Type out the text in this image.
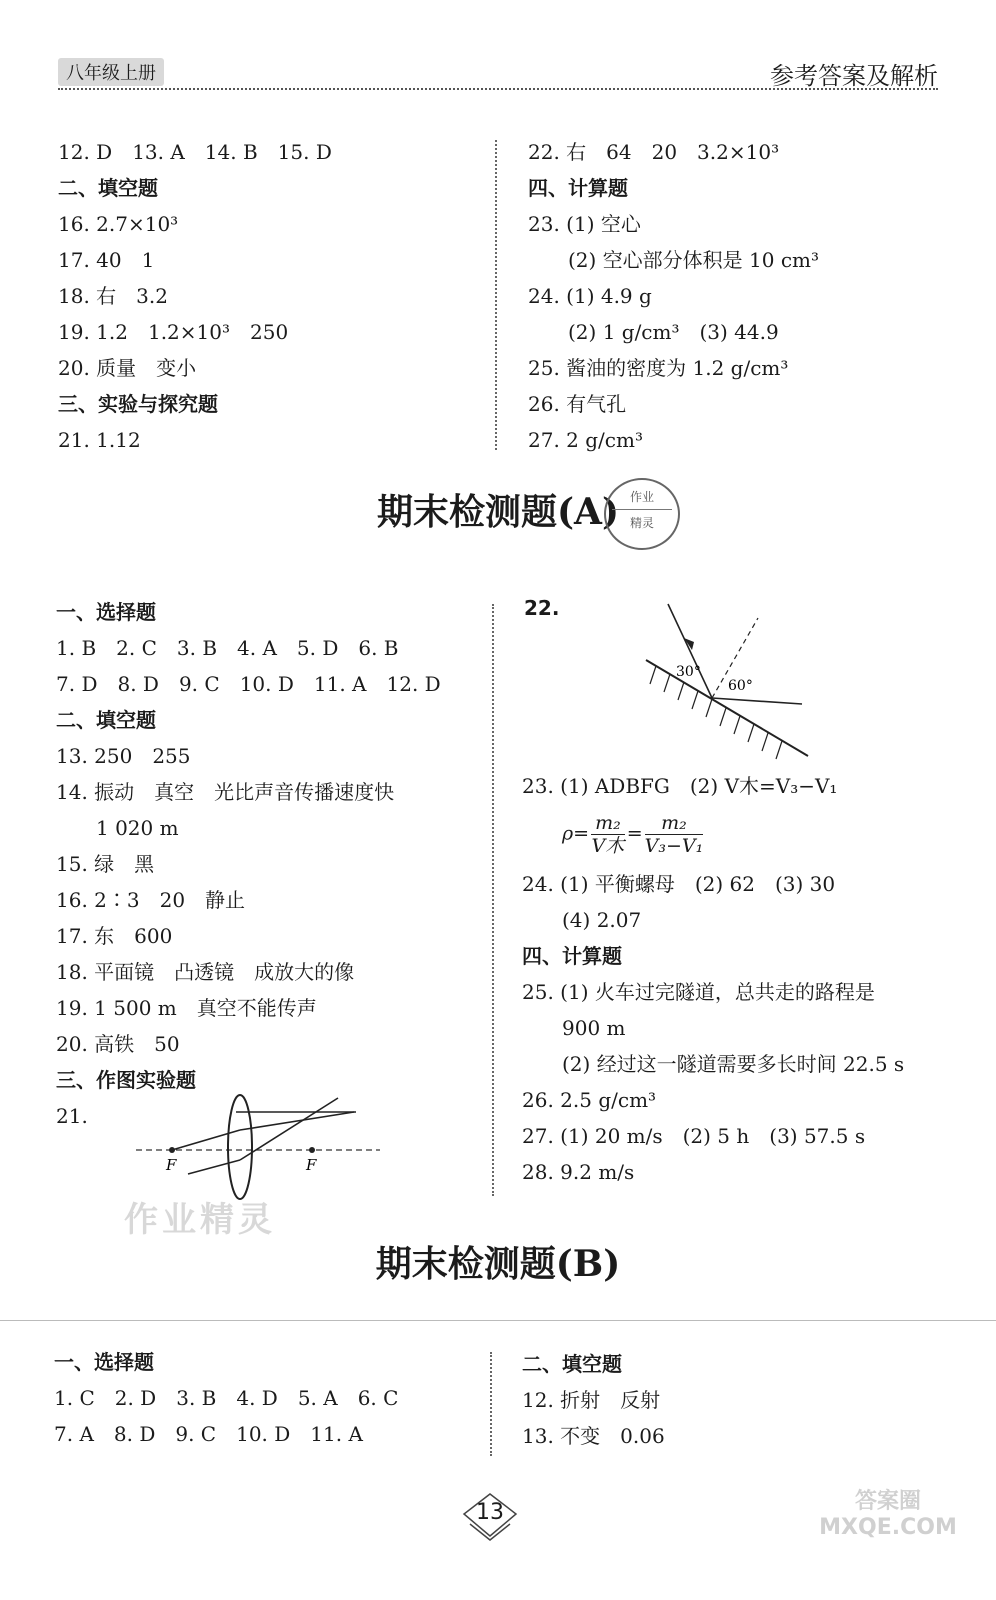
八年级上册	参考答案及解析
12. D　13. A　14. B　15. D
二、填空题
16. 2.7×10³
17. 40　1
18. 右　3.2
19. 1.2　1.2×10³　250
20. 质量　变小
三、实验与探究题
21. 1.12
22. 右　64　20　3.2×10³
四、计算题
23. (1) 空心
(2) 空心部分体积是 10 cm³
24. (1) 4.9 g
(2) 1 g/cm³　(3) 44.9
25. 酱油的密度为 1.2 g/cm³
26. 有气孔
27. 2 g/cm³
期末检测题(A) 作业
精灵
一、选择题
1. B　2. C　3. B　4. A　5. D　6. B
7. D　8. D　9. C　10. D　11. A　12. D
二、填空题
13. 250　255
14. 振动　真空　光比声音传播速度快
1 020 m
15. 绿　黑
16. 2∶3　20　静止
17. 东　600
18. 平面镜　凸透镜　成放大的像
19. 1 500 m　真空不能传声
20. 高铁　50
三、作图实验题
21.
F	F
22.
30°
60°
23. (1) ADBFG　(2) V木=V₃−V₁
$\rho= \frac{\text{m₂}}{\text{V木}} = \frac{\text{m₂}}{\text{V₃−V₁}}$
24. (1) 平衡螺母　(2) 62　(3) 30
(4) 2.07
四、计算题
25. (1) 火车过完隧道，总共走的路程是
900 m
(2) 经过这一隧道需要多长时间 22.5 s
26. 2.5 g/cm³
27. (1) 20 m/s　(2) 5 h　(3) 57.5 s
28. 9.2 m/s
作业精灵
期末检测题(B)
一、选择题
1. C　2. D　3. B　4. D　5. A　6. C
7. A　8. D　9. C　10. D　11. A
二、填空题
12. 折射　反射
13. 不变　0.06
13	答案圈 MXQE.COM
